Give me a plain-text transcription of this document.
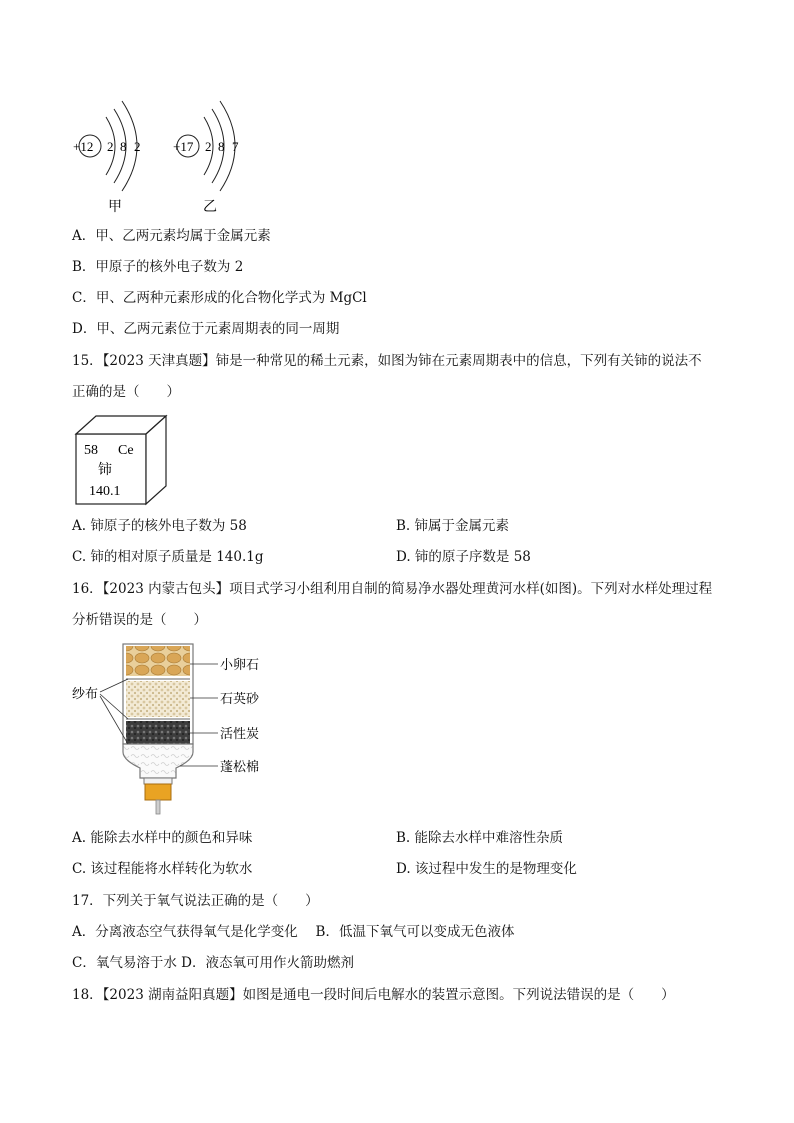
+12 2 8 2
甲
+17 2 8 7
乙
A．甲、乙两元素均属于金属元素
B．甲原子的核外电子数为 2
C．甲、乙两种元素形成的化合物化学式为 MgCl
D．甲、乙两元素位于元素周期表的同一周期
15．【2023 天津真题】铈是一种常见的稀土元素，如图为铈在元素周期表中的信息，下列有关铈的说法不
正确的是（　　）
58 Ce
铈
140.1
A. 铈原子的核外电子数为 58	B. 铈属于金属元素
C. 铈的相对原子质量是 140.1g	D. 铈的原子序数是 58
16．【2023 内蒙古包头】项目式学习小组利用自制的简易净水器处理黄河水样(如图)。下列对水样处理过程
分析错误的是（　　）
纱布
小卵石
石英砂
活性炭
蓬松棉
A. 能除去水样中的颜色和异味	B. 能除去水样中难溶性杂质
C. 该过程能将水样转化为软水	D. 该过程中发生的是物理变化
17．下列关于氧气说法正确的是（　　）
A．分离液态空气获得氧气是化学变化　 B．低温下氧气可以变成无色液体
C．氧气易溶于水 D．液态氧可用作火箭助燃剂
18．【2023 湖南益阳真题】如图是通电一段时间后电解水的装置示意图。下列说法错误的是（　　）
